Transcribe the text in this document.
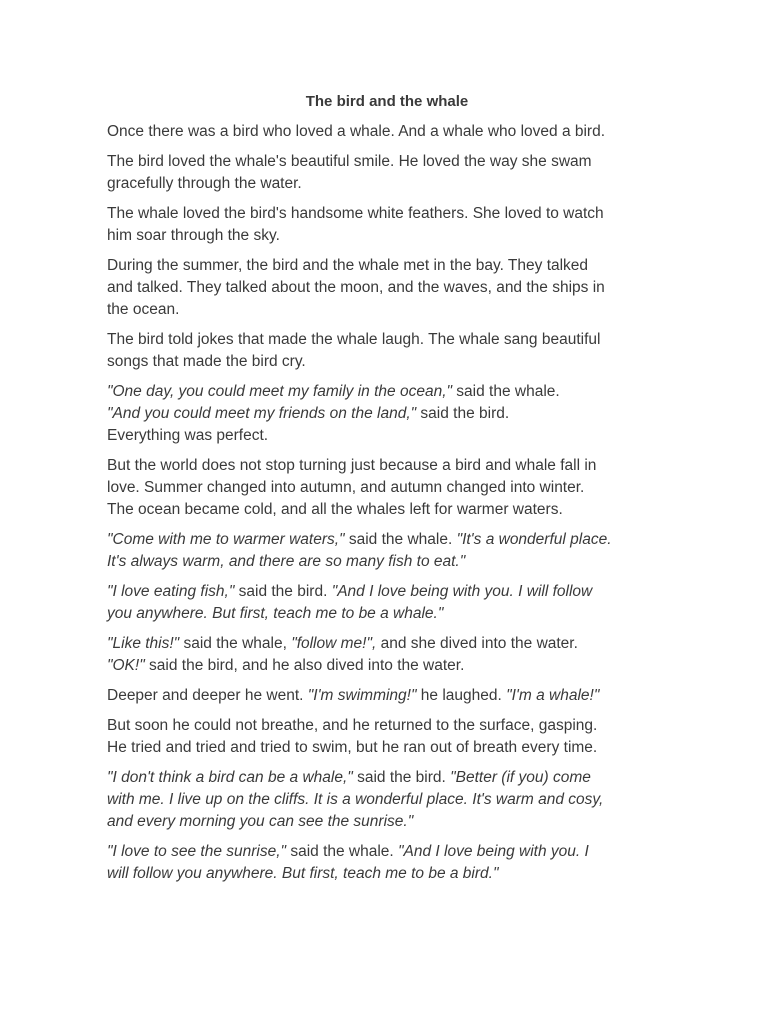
The bird and the whale
Once there was a bird who loved a whale. And a whale who loved a bird.
The bird loved the whale's beautiful smile. He loved the way she swam
gracefully through the water.
The whale loved the bird's handsome white feathers. She loved to watch
him soar through the sky.
During the summer, the bird and the whale met in the bay. They talked
and talked. They talked about the moon, and the waves, and the ships in
the ocean.
The bird told jokes that made the whale laugh. The whale sang beautiful
songs that made the bird cry.
"One day, you could meet my family in the ocean," said the whale.
"And you could meet my friends on the land," said the bird.
Everything was perfect.
But the world does not stop turning just because a bird and whale fall in
love. Summer changed into autumn, and autumn changed into winter.
The ocean became cold, and all the whales left for warmer waters.
"Come with me to warmer waters," said the whale. "It's a wonderful place.
It's always warm, and there are so many fish to eat."
"I love eating fish," said the bird. "And I love being with you. I will follow
you anywhere. But first, teach me to be a whale."
"Like this!" said the whale, "follow me!", and she dived into the water.
"OK!" said the bird, and he also dived into the water.
Deeper and deeper he went. "I'm swimming!" he laughed. "I'm a whale!"
But soon he could not breathe, and he returned to the surface, gasping.
He tried and tried and tried to swim, but he ran out of breath every time.
"I don't think a bird can be a whale," said the bird. "Better (if you) come
with me. I live up on the cliffs. It is a wonderful place. It's warm and cosy,
and every morning you can see the sunrise."
"I love to see the sunrise," said the whale. "And I love being with you. I
will follow you anywhere. But first, teach me to be a bird."
